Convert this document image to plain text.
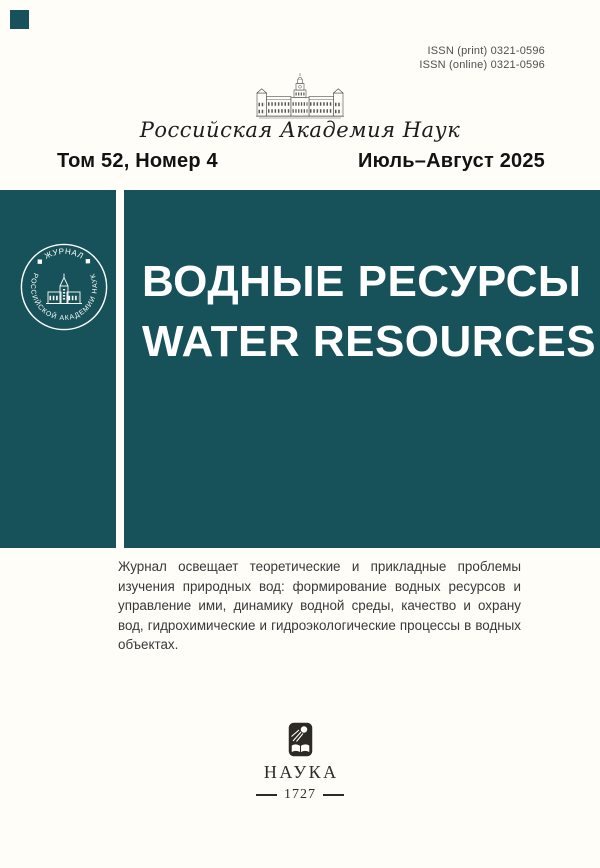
ISSN (print) 0321-0596
ISSN (online) 0321-0596
Российская Академия Наук
Том 52, Номер 4	Июль–Август 2025
ВОДНЫЕ РЕСУРСЫ
WATER RESOURCES
◆ ЖУРНАЛ ◆
РОССИЙСКОЙ АКАДЕМИИ НАУК

Журнал освещает теоретические и прикладные проблемы изучения природных вод: формирование водных ресурсов и управление ими, динамику водной среды, качество и охрану вод, гидрохимические и гидроэкологические процессы в водных объектах.

НАУКА
1727
